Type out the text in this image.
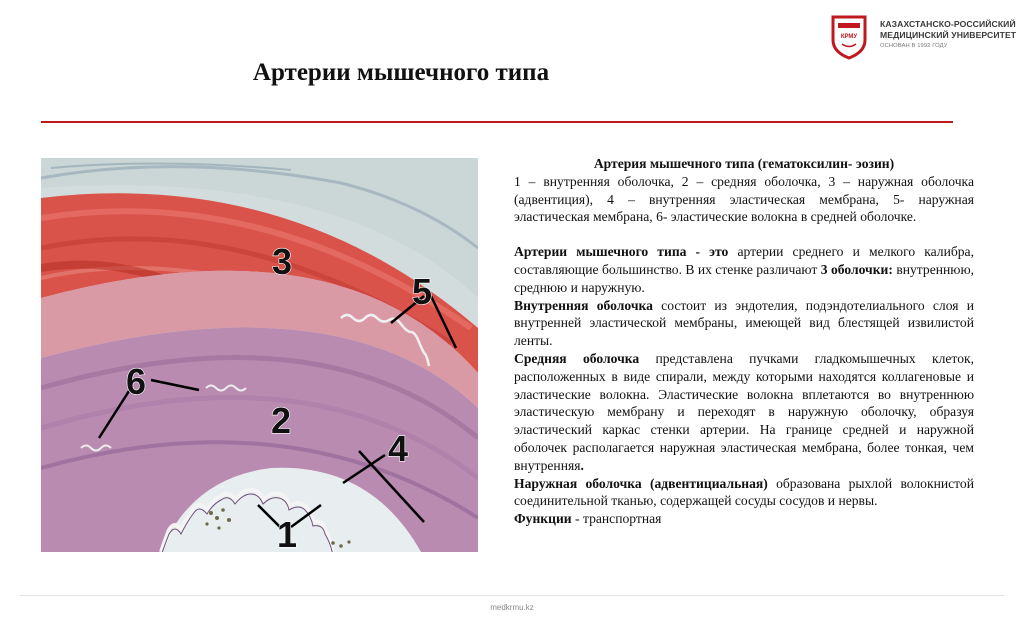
КРМУ
КАЗАХСТАНСКО-РОССИЙСКИЙ
МЕДИЦИНСКИЙ УНИВЕРСИТЕТ
ОСНОВАН В 1992 ГОДУ
Артерии мышечного типа
1
2
3
4
5
6

Артерия мышечного типа (гематоксилин- эозин)

1 – внутренняя оболочка, 2 – средняя оболочка, 3 – наружная оболочка (адвентиция), 4 – внутренняя эластическая мембрана, 5- наружная эластическая мембрана, 6- эластические волокна в средней оболочке.

Артерии мышечного типа - это артерии среднего и мелкого калибра, составляющие большинство. В их стенке различают 3 оболочки: внутреннюю, среднюю и наружную.

Внутренняя оболочка состоит из эндотелия, подэндотелиального слоя и внутренней эластической мембраны, имеющей вид блестящей извилистой ленты.

Средняя оболочка представлена пучками гладкомышечных клеток, расположенных в виде спирали, между которыми находятся коллагеновые и эластические волокна. Эластические волокна вплетаются во внутреннюю эластическую мембрану и переходят в наружную оболочку, образуя эластический каркас стенки артерии. На границе средней и наружной оболочек располагается наружная эластическая мембрана, более тонкая, чем внутренняя.

Наружная оболочка (адвентициальная) образована рыхлой волокнистой соединительной тканью, содержащей сосуды сосудов и нервы.

Функции - транспортная

medkrmu.kz
